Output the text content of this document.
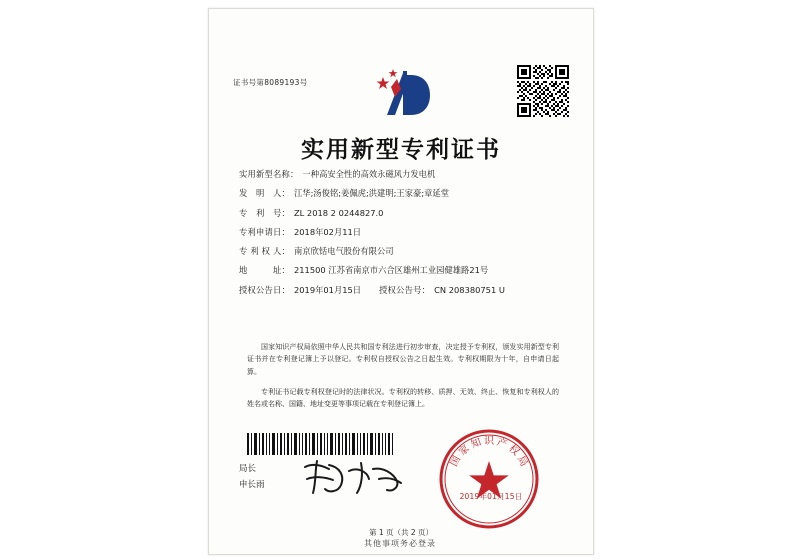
证书号第8089193号
实用新型专利证书
实用新型名称： 一种高安全性的高效永磁风力发电机
发　明　人： 江华;汤俊铭;姜佩虎;洪建明;王家豪;章延堂
专　利　号： ZL 2018 2 0244827.0
专利申请日： 2018年02月11日
专 利 权 人： 南京欣铦电气股份有限公司
地　　　址： 211500 江苏省南京市六合区雄州工业园健雄路21号
授权公告日： 2019年01月15日	授权公告号： CN 208380751 U

国家知识产权局依照中华人民共和国专利法进行初步审查，决定授予专利权，颁发实用新型专利证书并在专利登记簿上予以登记。专利权自授权公告之日起生效。专利权期限为十年，自申请日起算。

专利证书记载专利权登记时的法律状况。专利权的转移、质押、无效、终止、恢复和专利权人的姓名或名称、国籍、地址变更等事项记载在专利登记簿上。

局长
申长雨
国
家
知 识 产
权
局
2019年01月15日
第 1 页（共 2 页）
其他事项务必登录
